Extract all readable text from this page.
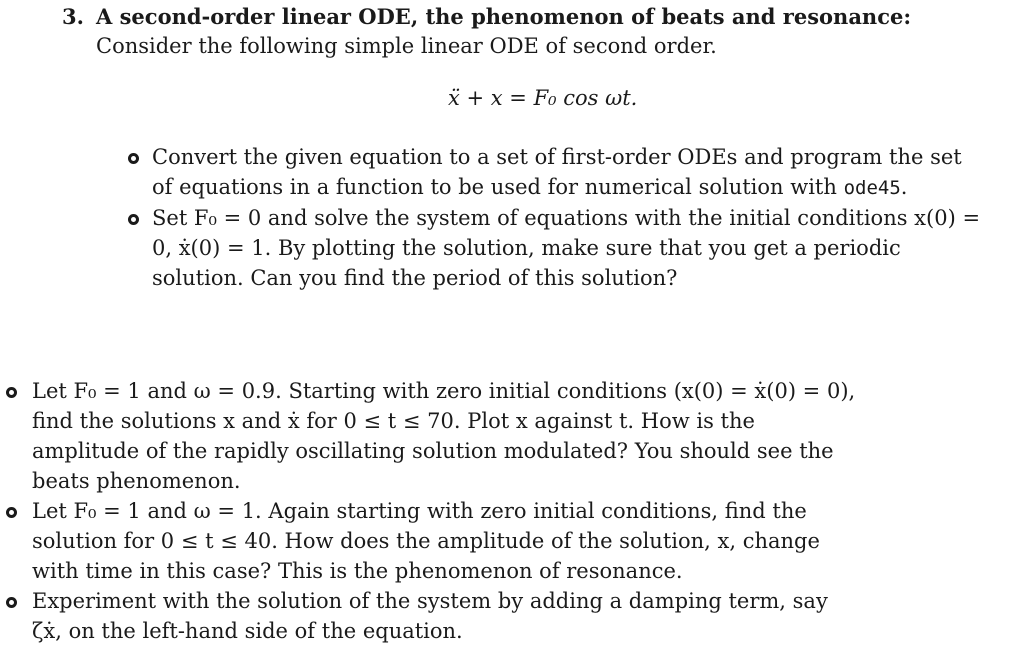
3. A second-order linear ODE, the phenomenon of beats and resonance:
Consider the following simple linear ODE of second order.
ẍ + x = F₀ cos ωt.
Convert the given equation to a set of first-order ODEs and program the set
of equations in a function to be used for numerical solution with ode45.
Set F₀ = 0 and solve the system of equations with the initial conditions x(0) =
0, ẋ(0) = 1. By plotting the solution, make sure that you get a periodic
solution. Can you find the period of this solution?
Let F₀ = 1 and ω = 0.9. Starting with zero initial conditions (x(0) = ẋ(0) = 0),
find the solutions x and ẋ for 0 ≤ t ≤ 70. Plot x against t. How is the
amplitude of the rapidly oscillating solution modulated? You should see the
beats phenomenon.
Let F₀ = 1 and ω = 1. Again starting with zero initial conditions, find the
solution for 0 ≤ t ≤ 40. How does the amplitude of the solution, x, change
with time in this case? This is the phenomenon of resonance.
Experiment with the solution of the system by adding a damping term, say
ζẋ, on the left-hand side of the equation.
